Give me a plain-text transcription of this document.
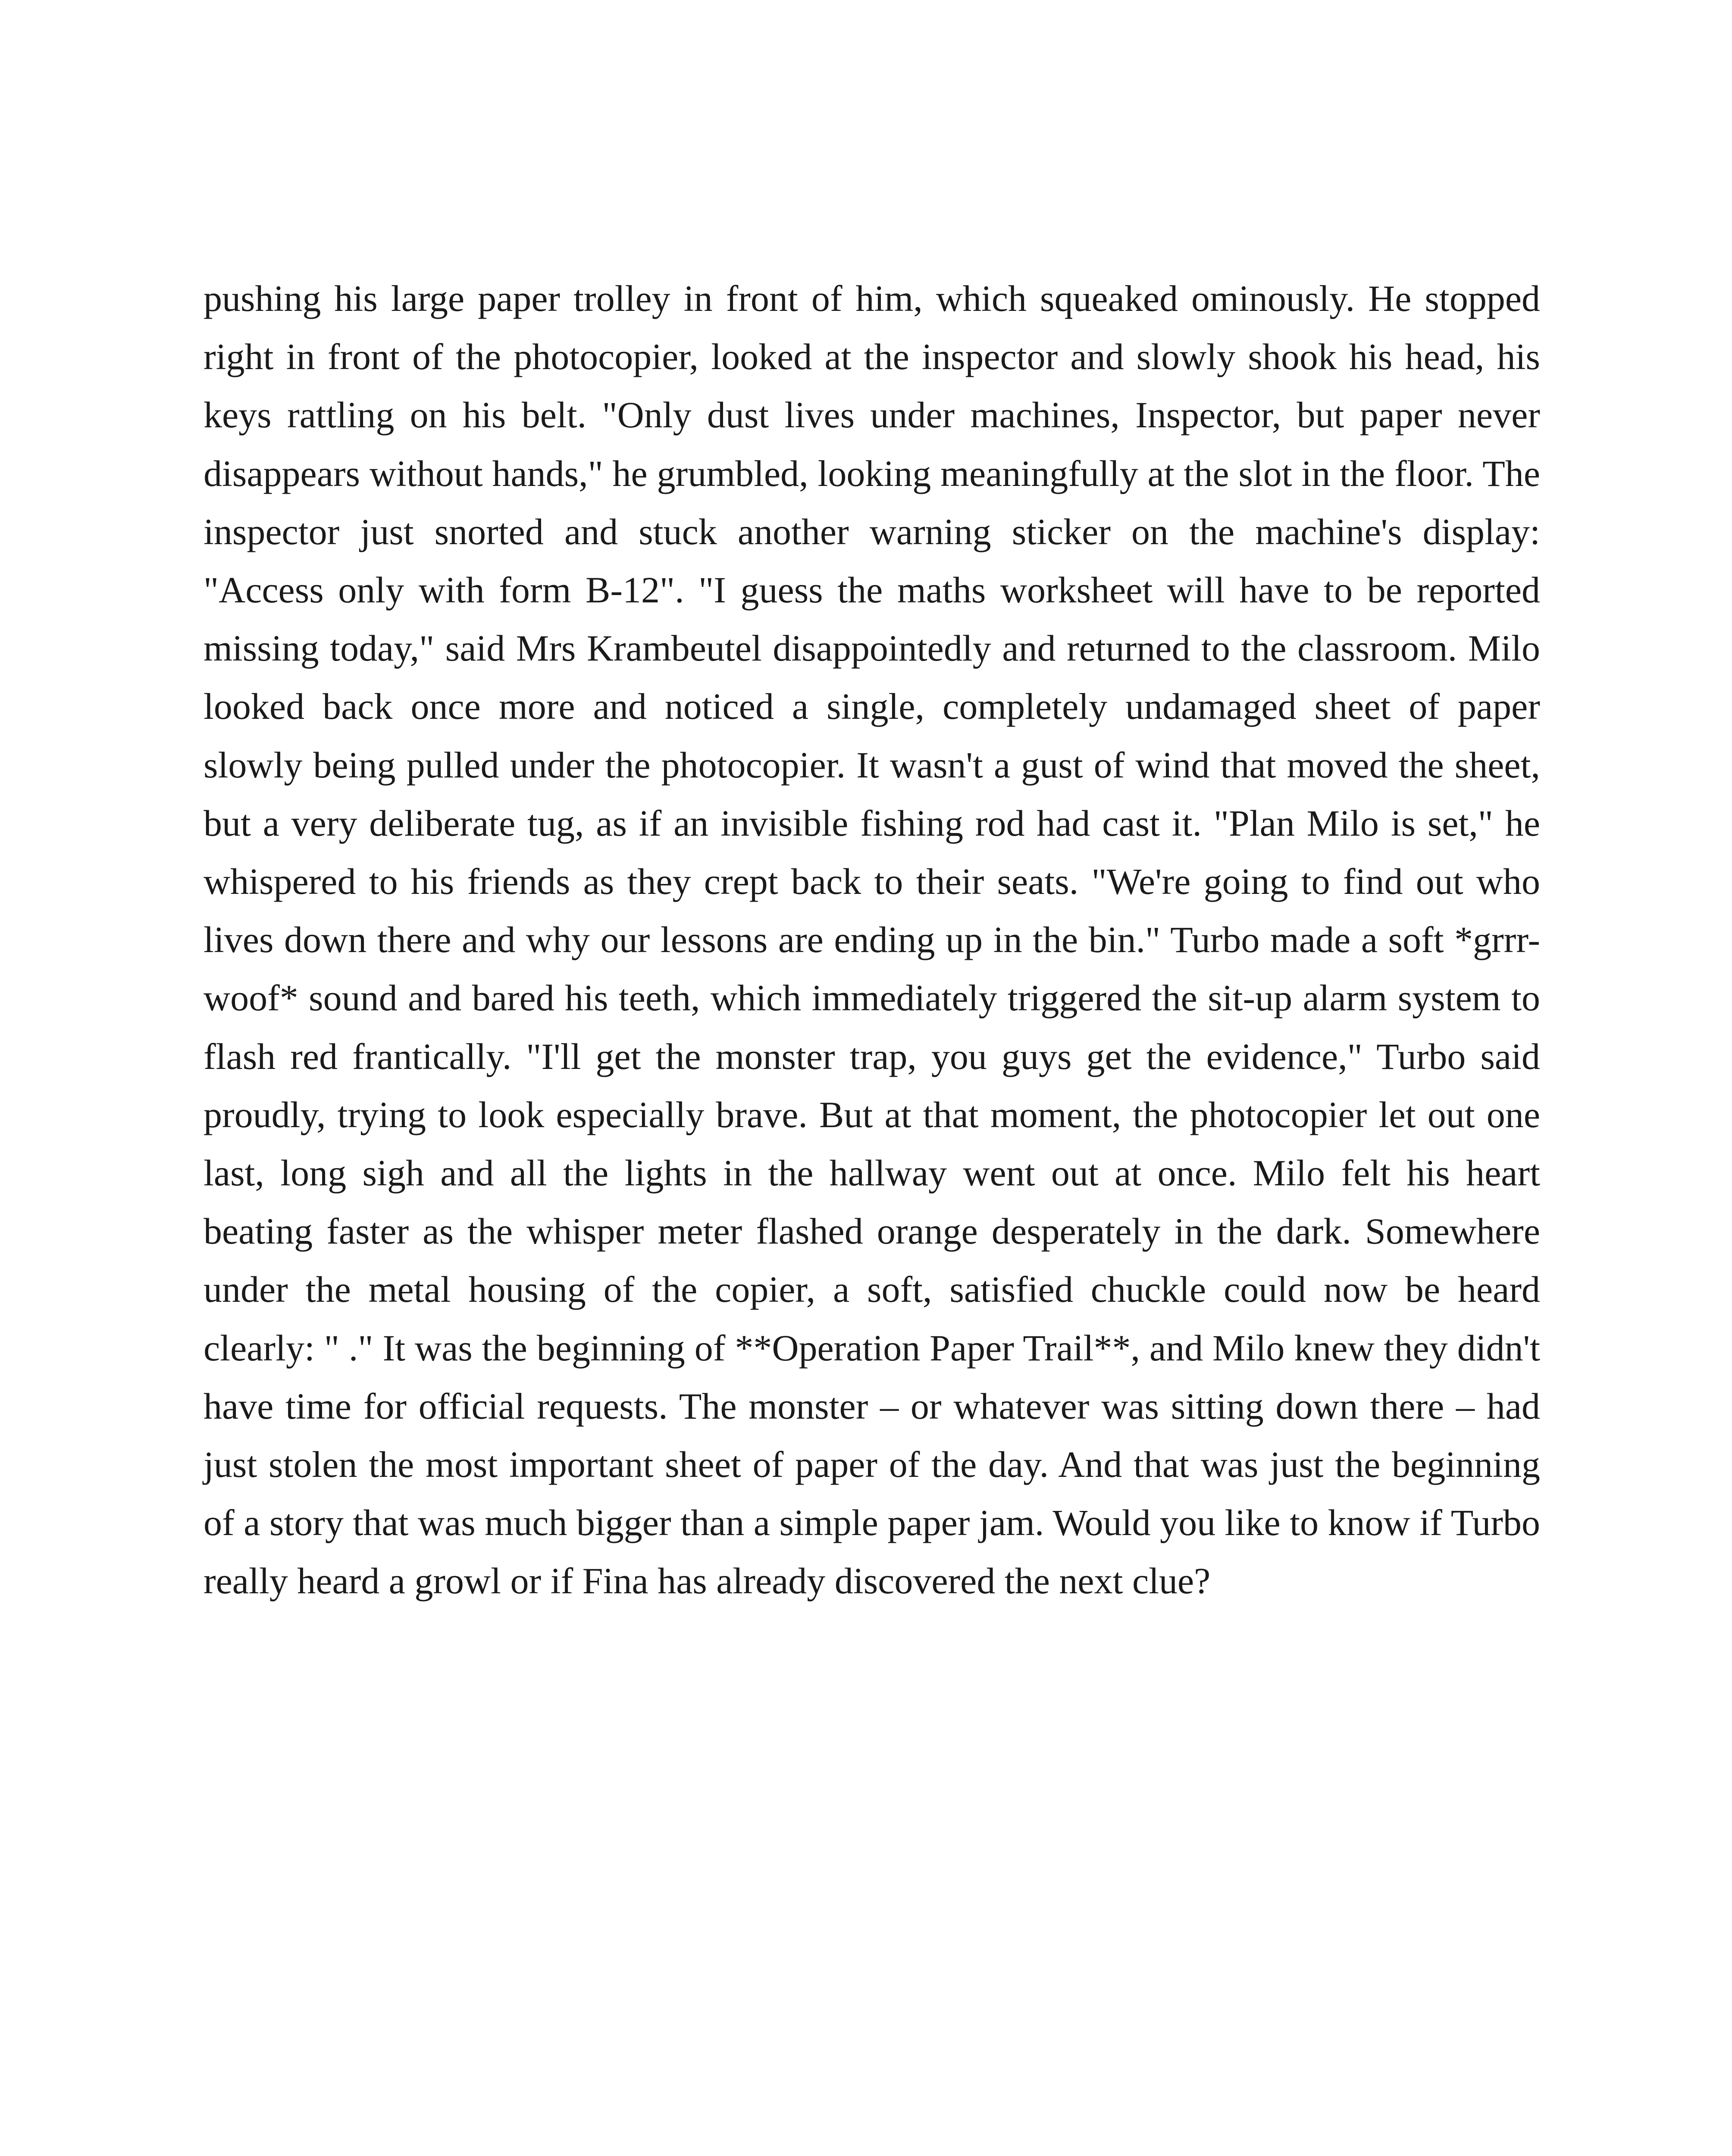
pushing his large paper trolley in front of him, which squeaked ominously. He stopped right in front of the photocopier, looked at the inspector and slowly shook his head, his keys rattling on his belt. "Only dust lives under machines, Inspector, but paper never disappears without hands," he grumbled, looking meaningfully at the slot in the floor. The inspector just snorted and stuck another warning sticker on the machine's display: "Access only with form B-12". "I guess the maths worksheet will have to be reported missing today," said Mrs Krambeutel disappointedly and returned to the classroom. Milo looked back once more and noticed a single, completely undamaged sheet of paper slowly being pulled under the photocopier. It wasn't a gust of wind that moved the sheet, but a very deliberate tug, as if an invisible fishing rod had cast it. "Plan Milo is set," he whispered to his friends as they crept back to their seats. "We're going to find out who lives down there and why our lessons are ending up in the bin." Turbo made a soft *grrr-woof* sound and bared his teeth, which immediately triggered the sit-up alarm system to flash red frantically. "I'll get the monster trap, you guys get the evidence," Turbo said proudly, trying to look especially brave. But at that moment, the photocopier let out one last, long sigh and all the lights in the hallway went out at once. Milo felt his heart beating faster as the whisper meter flashed orange desperately in the dark. Somewhere under the metal housing of the copier, a soft, satisfied chuckle could now be heard clearly: " ." It was the beginning of **Operation Paper Trail**, and Milo knew they didn't have time for official requests. The monster – or whatever was sitting down there – had just stolen the most important sheet of paper of the day. And that was just the beginning of a story that was much bigger than a simple paper jam. Would you like to know if Turbo really heard a growl or if Fina has already discovered the next clue?
